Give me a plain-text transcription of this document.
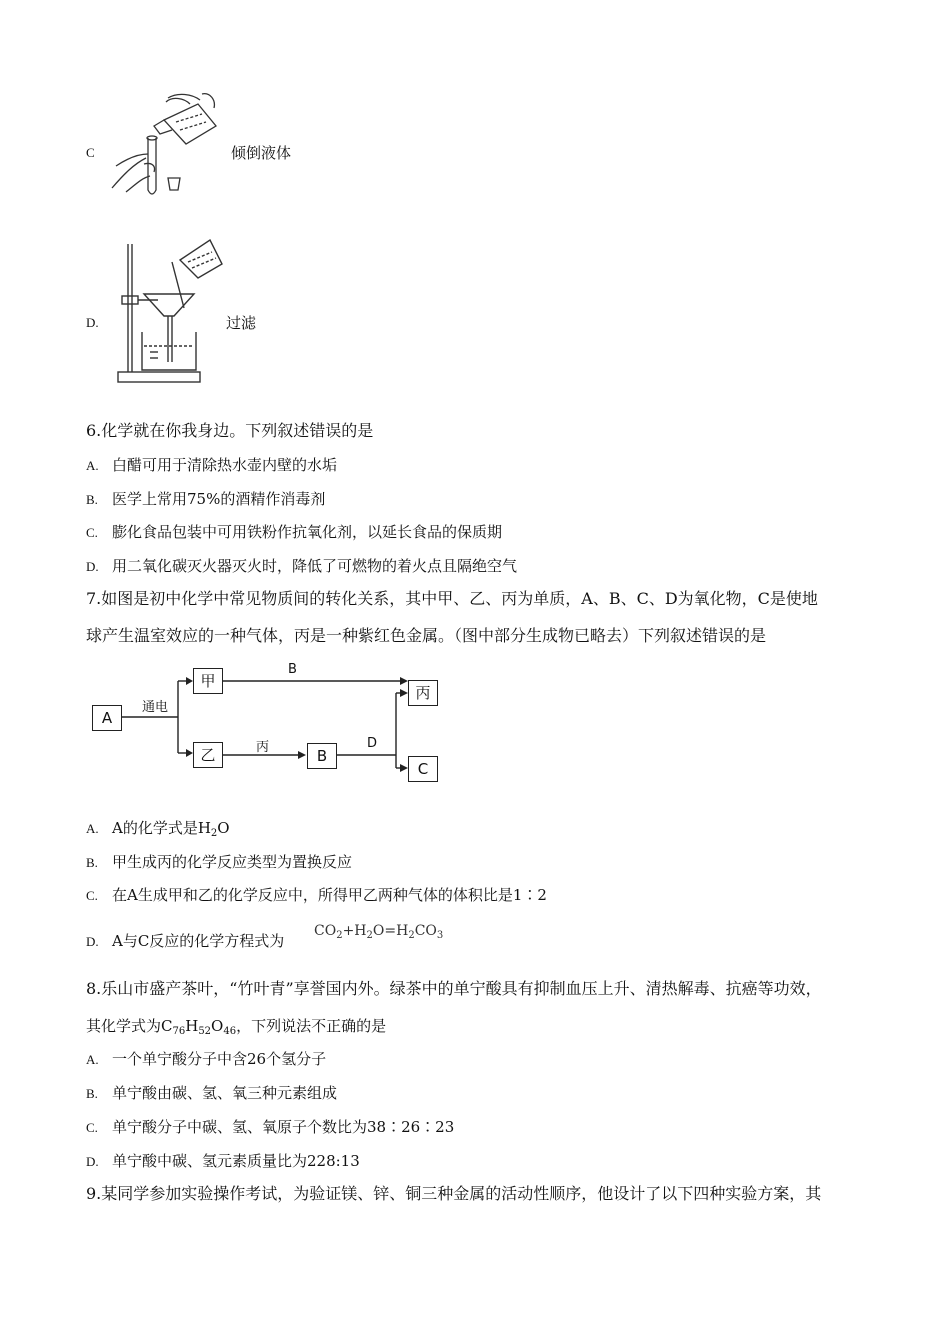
C	倾倒液体
D.	过滤
6.化学就在你我身边。下列叙述错误的是
A. 白醋可用于清除热水壶内壁的水垢
B. 医学上常用75%的酒精作消毒剂
C. 膨化食品包装中可用铁粉作抗氧化剂，以延长食品的保质期
D. 用二氧化碳灭火器灭火时，降低了可燃物的着火点且隔绝空气
7.如图是初中化学中常见物质间的转化关系，其中甲、乙、丙为单质，A、B、C、D为氧化物，C是使地
球产生温室效应的一种气体，丙是一种紫红色金属。（图中部分生成物已略去）下列叙述错误的是
A
甲
乙	B
丙
C
通电
B
丙	D
A. A的化学式是$H_2O$
B. 甲生成丙的化学反应类型为置换反应
C. 在A生成甲和乙的化学反应中，所得甲乙两种气体的体积比是1∶2
D. A与C反应的化学方程式为
$CO_2+H_2O=H_2CO_3$
8.乐山市盛产茶叶，“竹叶青”享誉国内外。绿茶中的单宁酸具有抑制血压上升、清热解毒、抗癌等功效，
其化学式为$C_{76}H_{52}O_{46}$，下列说法不正确的是
A. 一个单宁酸分子中含26个氢分子
B. 单宁酸由碳、氢、氧三种元素组成
C. 单宁酸分子中碳、氢、氧原子个数比为38∶26∶23
D. 单宁酸中碳、氢元素质量比为228:13
9.某同学参加实验操作考试，为验证镁、锌、铜三种金属的活动性顺序，他设计了以下四种实验方案，其
